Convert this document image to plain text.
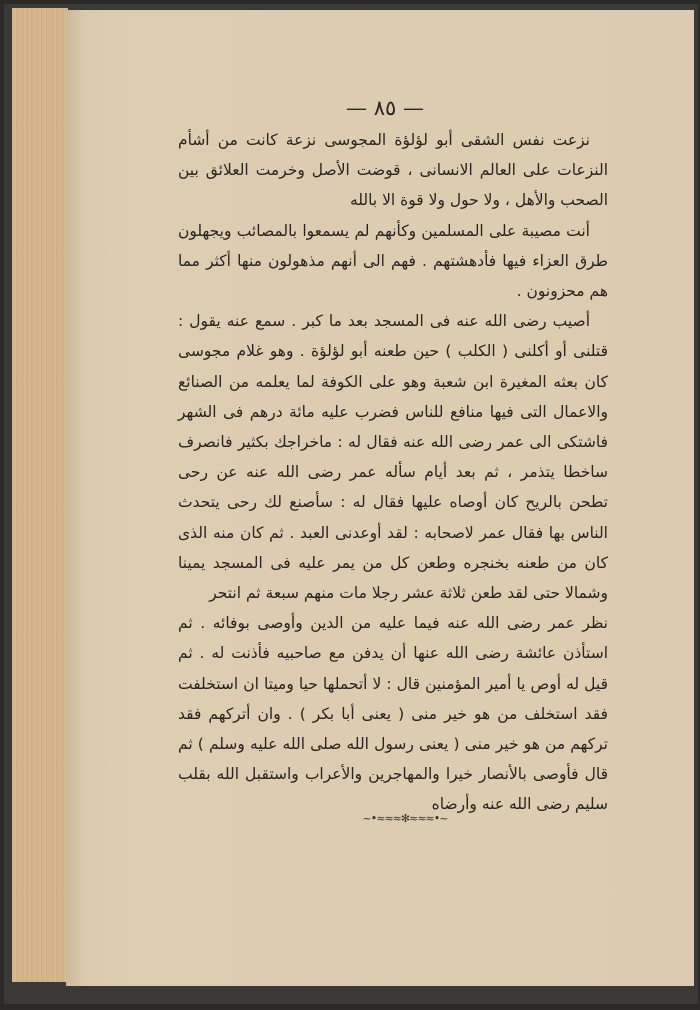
— ٨٥ —

نزعت نفس الشقى أبو لؤلؤة المجوسى نزعة كانت من أشأم النزعات على العالم الانسانى ، قوضت الأصل وخرمت العلائق بين الصحب والأهل ، ولا حول ولا قوة الا بالله

أنت مصيبة على المسلمين وكأنهم لم يسمعوا بالمصائب ويجهلون طرق العزاء فيها فأدهشتهم . فهم الى أنهم مذهولون منها أكثر مما هم محزونون .

أصيب رضى الله عنه فى المسجد بعد ما كبر . سمع عنه يقول : قتلنى أو أكلنى ( الكلب ) حين طعنه أبو لؤلؤة . وهو غلام مجوسى كان بعثه المغيرة ابن شعبة وهو على الكوفة لما يعلمه من الصنائع والاعمال التى فيها منافع للناس فضرب عليه مائة درهم فى الشهر فاشتكى الى عمر رضى الله عنه فقال له : ماخراجك بكثير فانصرف ساخطا يتذمر ، ثم بعد أيام سأله عمر رضى الله عنه عن رحى تطحن بالريح كان أوصاه عليها فقال له : سأصنع لك رحى يتحدث الناس بها فقال عمر لاصحابه : لقد أوعدنى العبد . ثم كان منه الذى كان من طعنه بخنجره وطعن كل من يمر عليه فى المسجد يمينا وشمالا حتى لقد طعن ثلاثة عشر رجلا مات منهم سبعة ثم انتحر

نظر عمر رضى الله عنه فيما عليه من الدين وأوصى بوفائه . ثم استأذن عائشة رضى الله عنها أن يدفن مع صاحبيه فأذنت له . ثم قيل له أوص يا أمير المؤمنين قال : لا أتحملها حيا وميتا ان استخلفت فقد استخلف من هو خير منى ( يعنى أبا بكر ) . وان أتركهم فقد تركهم من هو خير منى ( يعنى رسول الله صلى الله عليه وسلم ) ثم قال فأوصى بالأنصار خيرا والمهاجرين والأعراب واستقبل الله بقلب سليم رضى الله عنه وأرضاه

~•≈≈≈✻≈≈≈•~
